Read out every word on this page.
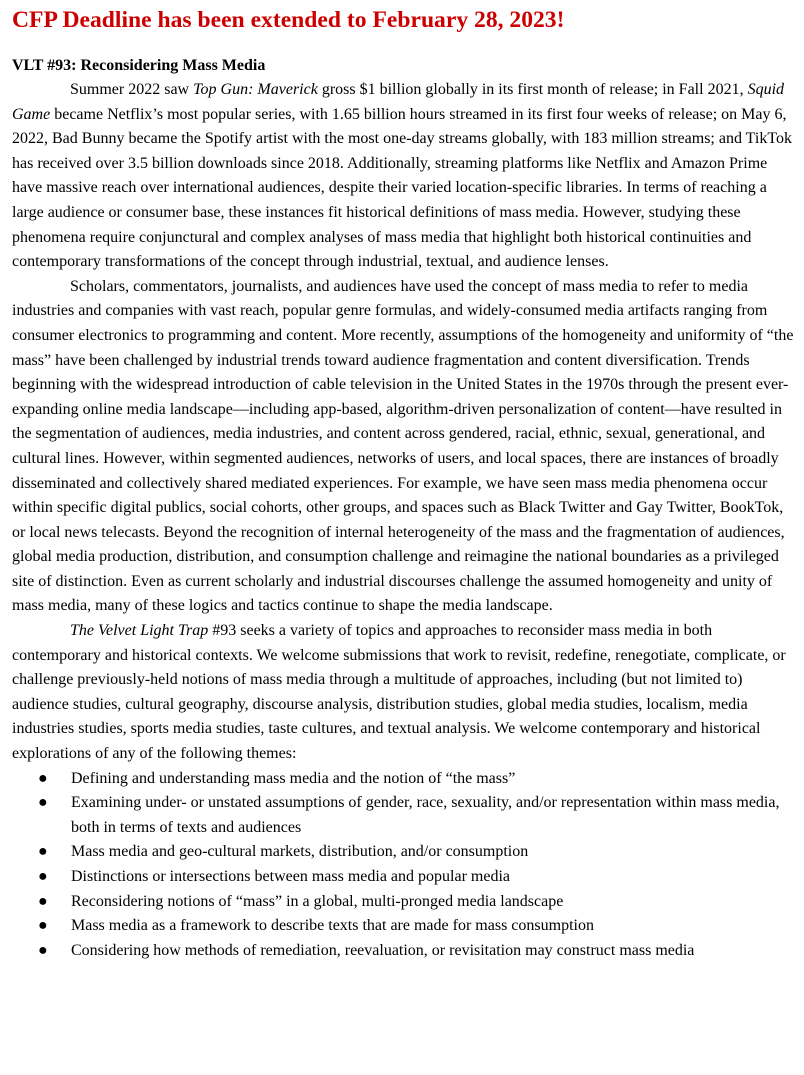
CFP Deadline has been extended to February 28, 2023!
VLT #93: Reconsidering Mass Media

Summer 2022 saw Top Gun: Maverick gross $1 billion globally in its first month of release; in Fall 2021, Squid Game became Netflix’s most popular series, with 1.65 billion hours streamed in its first four weeks of release; on May 6, 2022, Bad Bunny became the Spotify artist with the most one-day streams globally, with 183 million streams; and TikTok has received over 3.5 billion downloads since 2018. Additionally, streaming platforms like Netflix and Amazon Prime have massive reach over international audiences, despite their varied location-specific libraries. In terms of reaching a large audience or consumer base, these instances fit historical definitions of mass media. However, studying these phenomena require conjunctural and complex analyses of mass media that highlight both historical continuities and contemporary transformations of the concept through industrial, textual, and audience lenses.

Scholars, commentators, journalists, and audiences have used the concept of mass media to refer to media industries and companies with vast reach, popular genre formulas, and widely-consumed media artifacts ranging from consumer electronics to programming and content. More recently, assumptions of the homogeneity and uniformity of “the mass” have been challenged by industrial trends toward audience fragmentation and content diversification. Trends beginning with the widespread introduction of cable television in the United States in the 1970s through the present ever-expanding online media landscape—including app-based, algorithm-driven personalization of content—have resulted in the segmentation of audiences, media industries, and content across gendered, racial, ethnic, sexual, generational, and cultural lines. However, within segmented audiences, networks of users, and local spaces, there are instances of broadly disseminated and collectively shared mediated experiences. For example, we have seen mass media phenomena occur within specific digital publics, social cohorts, other groups, and spaces such as Black Twitter and Gay Twitter, BookTok, or local news telecasts. Beyond the recognition of internal heterogeneity of the mass and the fragmentation of audiences, global media production, distribution, and consumption challenge and reimagine the national boundaries as a privileged site of distinction. Even as current scholarly and industrial discourses challenge the assumed homogeneity and unity of mass media, many of these logics and tactics continue to shape the media landscape.

The Velvet Light Trap #93 seeks a variety of topics and approaches to reconsider mass media in both contemporary and historical contexts. We welcome submissions that work to revisit, redefine, renegotiate, complicate, or challenge previously-held notions of mass media through a multitude of approaches, including (but not limited to) audience studies, cultural geography, discourse analysis, distribution studies, global media studies, localism, media industries studies, sports media studies, taste cultures, and textual analysis. We welcome contemporary and historical explorations of any of the following themes:

● Defining and understanding mass media and the notion of “the mass”
● Examining under- or unstated assumptions of gender, race, sexuality, and/or representation within mass media, both in terms of texts and audiences
● Mass media and geo-cultural markets, distribution, and/or consumption
● Distinctions or intersections between mass media and popular media
● Reconsidering notions of “mass” in a global, multi-pronged media landscape
● Mass media as a framework to describe texts that are made for mass consumption
● Considering how methods of remediation, reevaluation, or revisitation may construct mass media
